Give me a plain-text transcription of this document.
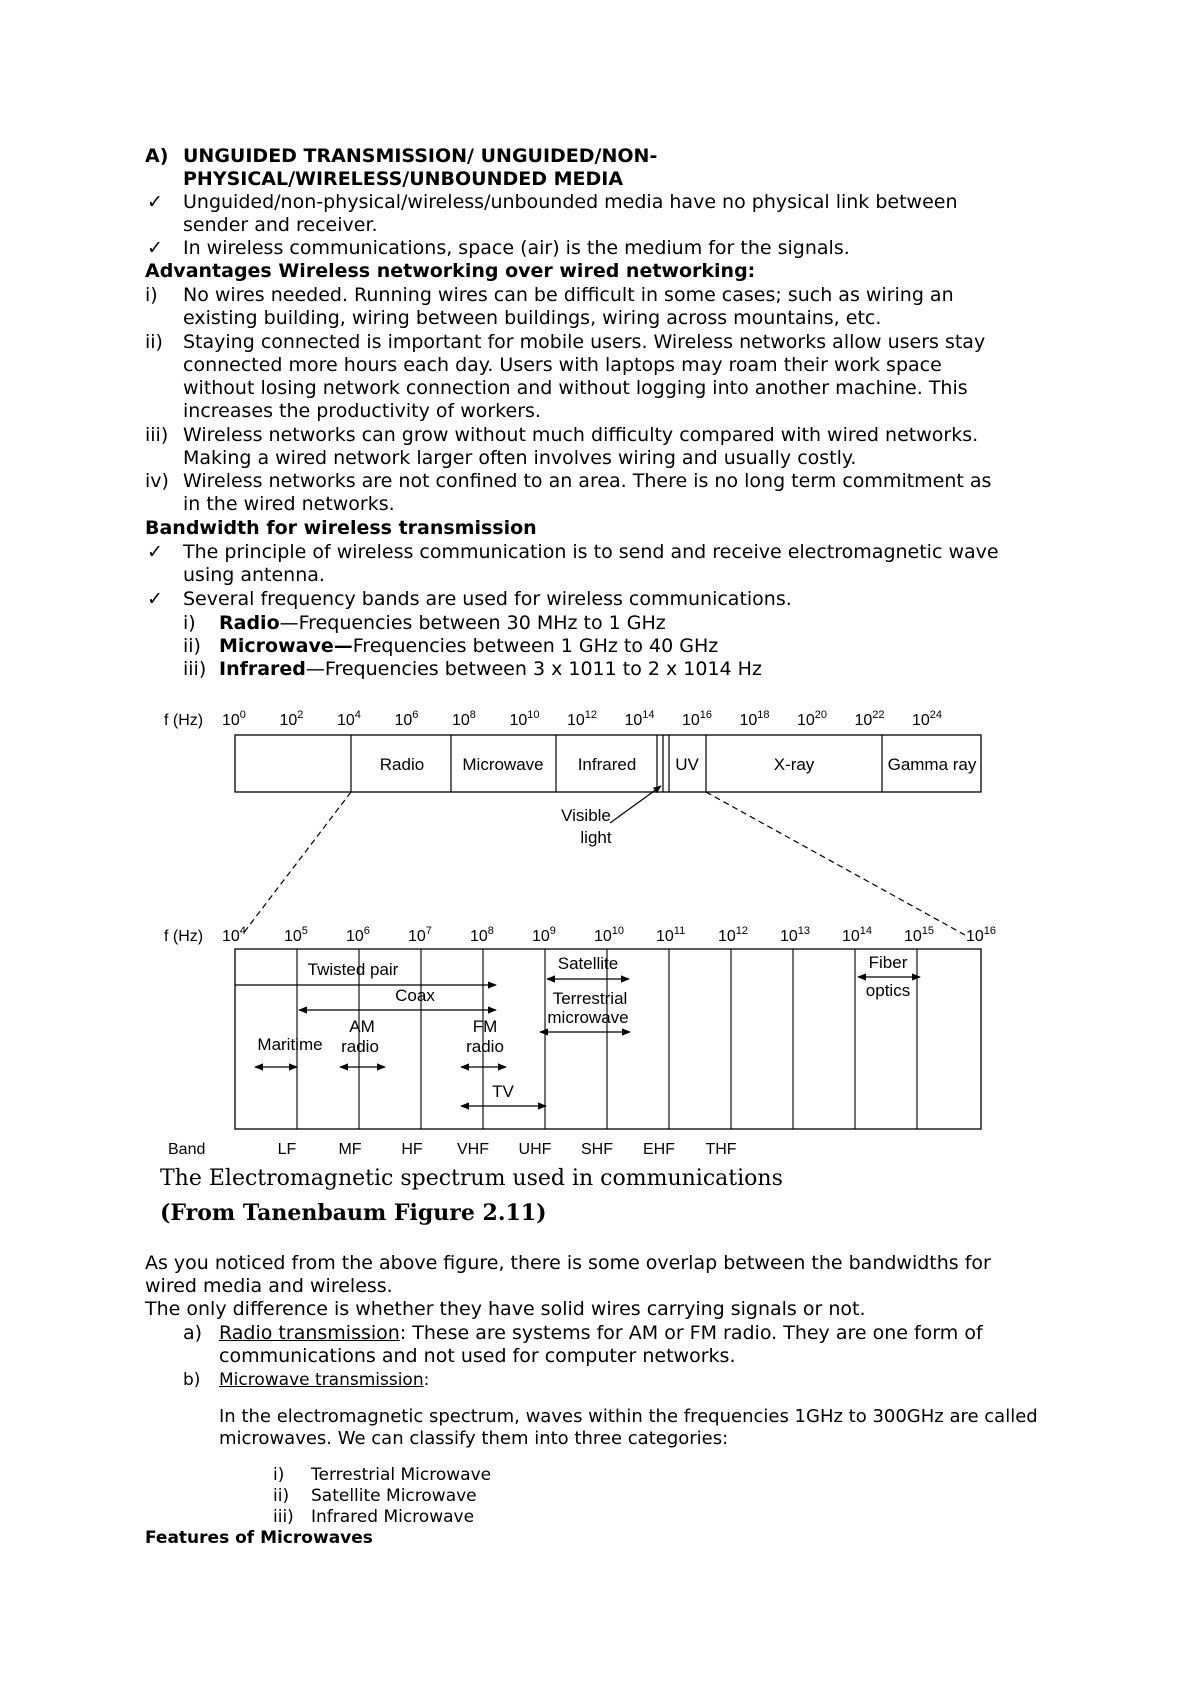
A) UNGUIDED TRANSMISSION/ UNGUIDED/NON-
PHYSICAL/WIRELESS/UNBOUNDED MEDIA
✓ Unguided/non-physical/wireless/unbounded media have no physical link between
sender and receiver.
✓ In wireless communications, space (air) is the medium for the signals.
Advantages Wireless networking over wired networking:
i) No wires needed. Running wires can be difficult in some cases; such as wiring an
existing building, wiring between buildings, wiring across mountains, etc.
ii) Staying connected is important for mobile users. Wireless networks allow users stay
connected more hours each day. Users with laptops may roam their work space
without losing network connection and without logging into another machine. This
increases the productivity of workers.
iii) Wireless networks can grow without much difficulty compared with wired networks.
Making a wired network larger often involves wiring and usually costly.
iv) Wireless networks are not confined to an area. There is no long term commitment as
in the wired networks.
Bandwidth for wireless transmission
✓ The principle of wireless communication is to send and receive electromagnetic wave
using antenna.
✓ Several frequency bands are used for wireless communications.
i) Radio—Frequencies between 30 MHz to 1 GHz
ii) Microwave—Frequencies between 1 GHz to 40 GHz
iii) Infrared—Frequencies between 3 x 1011 to 2 x 1014 Hz
f (Hz) $10^0$ $10^2$ $10^4$ $10^6$ $10^8$ $10^{10}$ $10^{12}$ $10^{14}$ $10^{16}$ $10^{18}$ $10^{20}$ $10^{22}$ $10^{24}$
Radio Microwave Infrared UV	X-ray	Gamma ray
Visible
light
f (Hz) $10^4$ $10^5$ $10^6$ $10^7$ $10^8$ $10^9$ $10^{10}$ $10^{11}$ $10^{12}$ $10^{13}$ $10^{14}$ $10^{15}$ $10^{16}$
Twisted pair
Coax
Satellite
Terrestrial
microwave
Fiber
optics
Maritime
AM
radio
FM
radio
TV
Band	LF	MF HF VHF UHF SHF EHF THF
The Electromagnetic spectrum used in communications
(From Tanenbaum Figure 2.11)
As you noticed from the above figure, there is some overlap between the bandwidths for
wired media and wireless.
The only difference is whether they have solid wires carrying signals or not.
a) Radio transmission: These are systems for AM or FM radio. They are one form of
communications and not used for computer networks.
b) Microwave transmission:
In the electromagnetic spectrum, waves within the frequencies 1GHz to 300GHz are called
microwaves. We can classify them into three categories:
i) Terrestrial Microwave
ii) Satellite Microwave
iii) Infrared Microwave
Features of Microwaves
